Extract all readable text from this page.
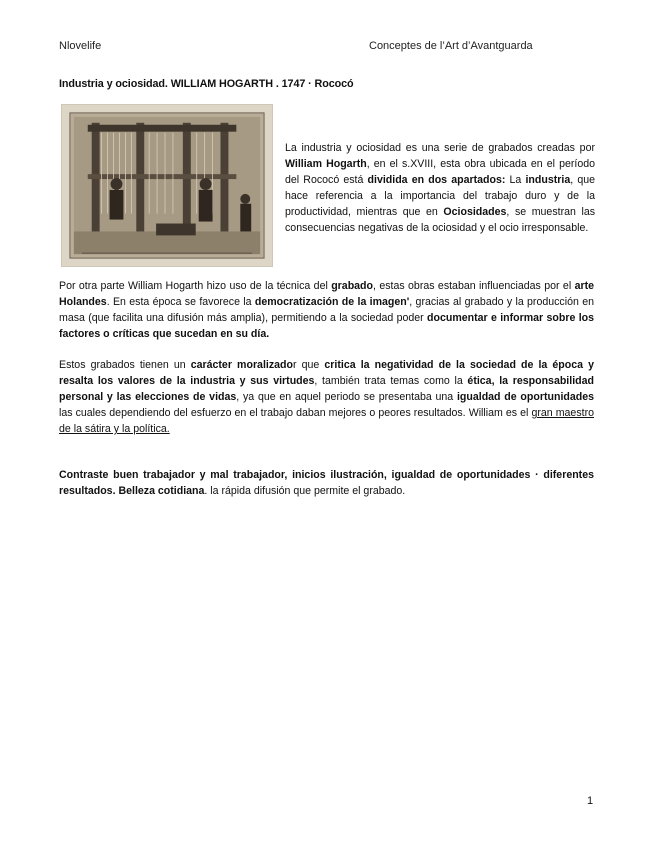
Nlovelife	Conceptes de l’Art d’Avantguarda
Industria y ociosidad. WILLIAM HOGARTH . 1747 · Rococó
La industria y ociosidad es una serie de grabados creadas por William Hogarth, en el s.XVIII, esta obra ubicada en el período del Rococó está dividida en dos apartados: La industria, que hace referencia a la importancia del trabajo duro y de la productividad, mientras que en Ociosidades, se muestran las consecuencias negativas de la ociosidad y el ocio irresponsable.
Por otra parte William Hogarth hizo uso de la técnica del grabado, estas obras estaban influenciadas por el arte Holandes. En esta época se favorece la democratización de la imagen', gracias al grabado y la producción en masa (que facilita una difusión más amplia), permitiendo a la sociedad poder documentar e informar sobre los factores o críticas que sucedan en su día.
Estos grabados tienen un carácter moralizador que critica la negatividad de la sociedad de la época y resalta los valores de la industria y sus virtudes, también trata temas como la ética, la responsabilidad personal y las elecciones de vidas, ya que en aquel periodo se presentaba una igualdad de oportunidades las cuales dependiendo del esfuerzo en el trabajo daban mejores o peores resultados. William es el gran maestro de la sátira y la política.
Contraste buen trabajador y mal trabajador, inicios ilustración, igualdad de oportunidades · diferentes resultados. Belleza cotidiana. la rápida difusión que permite el grabado.
1
